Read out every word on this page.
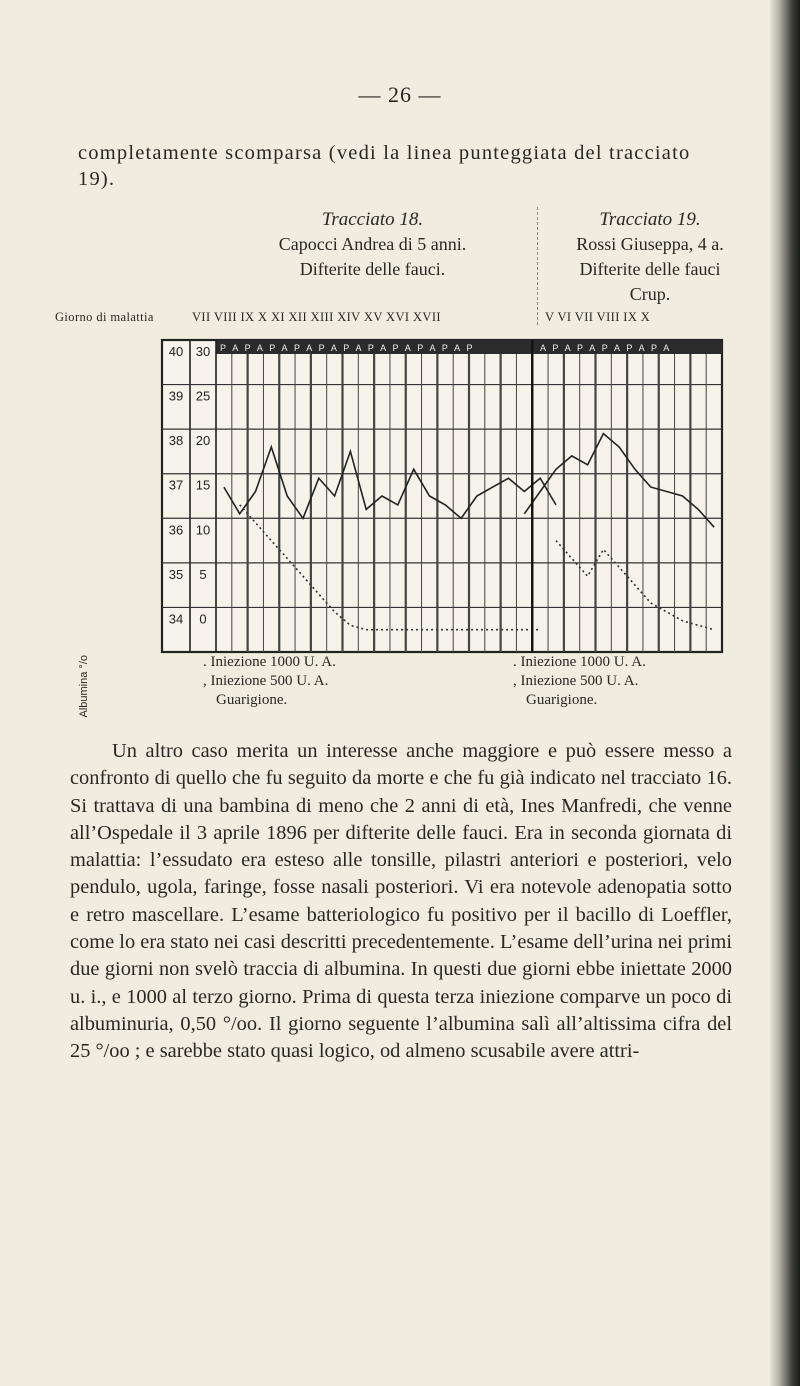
— 26 —
completamente scomparsa (vedi la linea punteggiata del tracciato 19).
Tracciato 18.
Capocci Andrea di 5 anni.
Difterite delle fauci.
Tracciato 19.
Rossi Giuseppa, 4 a.
Difterite delle fauci
Crup.
Giorno di malattia	VII VIII IX X XI XII XIII XIV XV XVI XVII	V VI VII VIII IX X
40
39
38
37
36
35
34
30
25
20
15
10
5
0
P A P A P A P A P A P A P A P A P A P A P	A P A P A P A P A P A
Albumina °/o	. Iniezione 1000 U. A.
, Iniezione 500 U. A.
Guarigione.
. Iniezione 1000 U. A.
, Iniezione 500 U. A.
Guarigione.

Un altro caso merita un interesse anche maggiore e può essere messo a confronto di quello che fu seguito da morte e che fu già indicato nel tracciato 16. Si trattava di una bambina di meno che 2 anni di età, Ines Manfredi, che venne all’Ospedale il 3 aprile 1896 per difterite delle fauci. Era in seconda giornata di malattia: l’essudato era esteso alle tonsille, pilastri anteriori e posteriori, velo pendulo, ugola, faringe, fosse nasali posteriori. Vi era notevole adenopatia sotto e retro mascellare. L’esame batteriologico fu positivo per il bacillo di Loeffler, come lo era stato nei casi descritti precedentemente. L’esame dell’urina nei primi due giorni non svelò traccia di albumina. In questi due giorni ebbe iniettate 2000 u. i., e 1000 al terzo giorno. Prima di questa terza iniezione comparve un poco di albuminuria, 0,50 °/oo. Il giorno seguente l’albumina salì all’altissima cifra del 25 °/oo ; e sarebbe stato quasi logico, od almeno scusabile avere attri-
